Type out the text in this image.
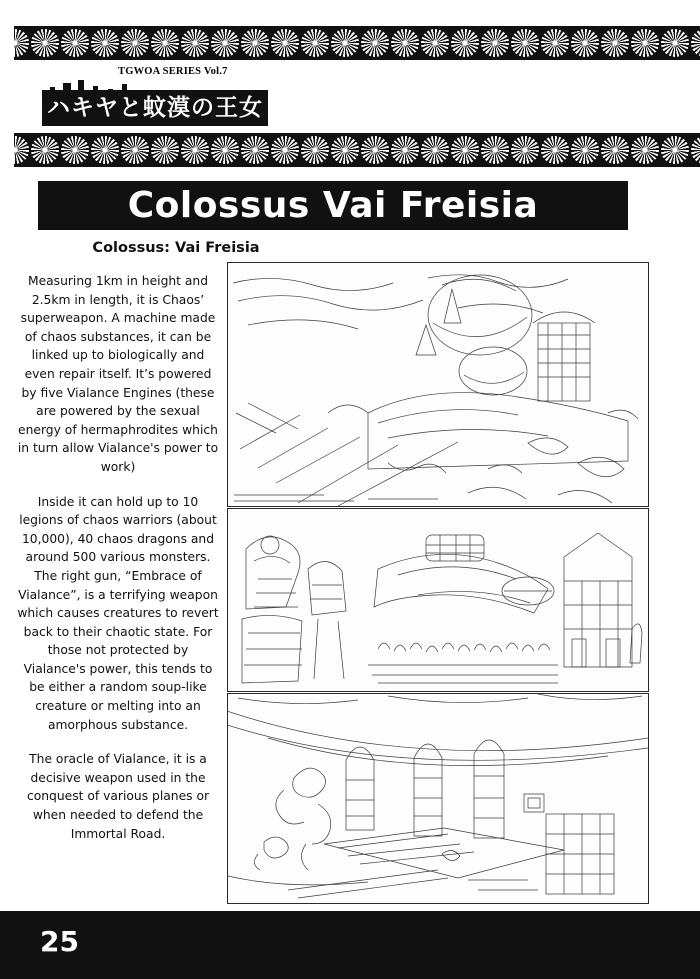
TGWOA SERIES Vol.7
ハキヤと蚊漠の王女
Colossus Vai Freisia
Colossus: Vai Freisia

Measuring 1km in height and 2.5km in length, it is Chaos’ superweapon. A machine made of chaos substances, it can be linked up to biologically and even repair itself. It’s powered by five Vialance Engines (these are powered by the sexual energy of hermaphrodites which in turn allow Vialance's power to work)

Inside it can hold up to 10 legions of chaos warriors (about 10,000), 40 chaos dragons and around 500 various monsters. The right gun, “Embrace of Vialance”, is a terrifying weapon which causes creatures to revert back to their chaotic state. For those not protected by Vialance's power, this tends to be either a random soup-like creature or melting into an amorphous substance.

The oracle of Vialance, it is a decisive weapon used in the conquest of various planes or when needed to defend the Immortal Road.

25
